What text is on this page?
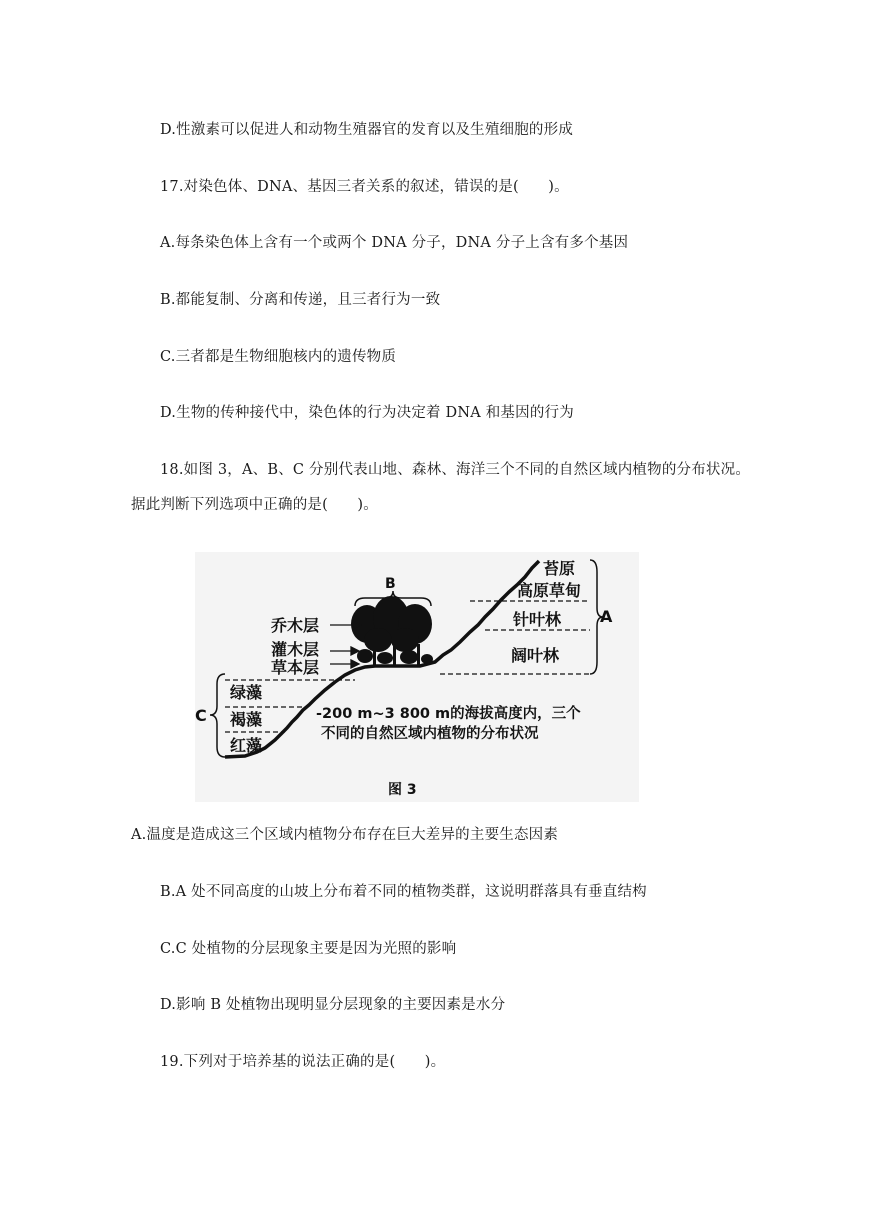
D.性激素可以促进人和动物生殖器官的发育以及生殖细胞的形成
17.对染色体、DNA、基因三者关系的叙述，错误的是(　　)。
A.每条染色体上含有一个或两个 DNA 分子，DNA 分子上含有多个基因
B.都能复制、分离和传递，且三者行为一致
C.三者都是生物细胞核内的遗传物质
D.生物的传种接代中，染色体的行为决定着 DNA 和基因的行为
18.如图 3，A、B、C 分别代表山地、森林、海洋三个不同的自然区域内植物的分布状况。
据此判断下列选项中正确的是(　　)。
A
B
C
苔原
高原草甸
针叶林
阔叶林
乔木层
灌木层
草本层
绿藻
褐藻
红藻
-200 m~3 800 m的海拔高度内，三个
不同的自然区域内植物的分布状况
图 3
A.温度是造成这三个区域内植物分布存在巨大差异的主要生态因素
B.A 处不同高度的山坡上分布着不同的植物类群，这说明群落具有垂直结构
C.C 处植物的分层现象主要是因为光照的影响
D.影响 B 处植物出现明显分层现象的主要因素是水分
19.下列对于培养基的说法正确的是(　　)。
